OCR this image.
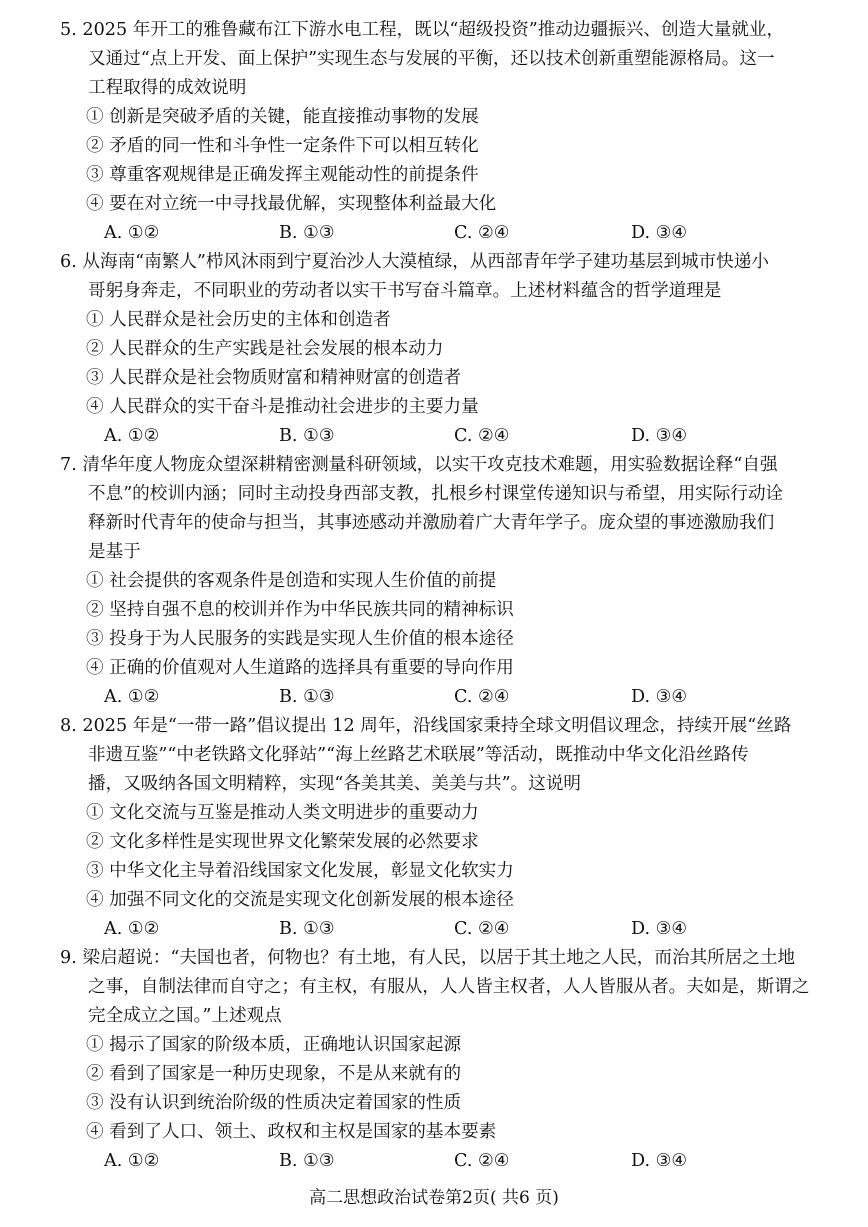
5. 2025 年开工的雅鲁藏布江下游水电工程，既以“超级投资”推动边疆振兴、创造大量就业，
又通过“点上开发、面上保护”实现生态与发展的平衡，还以技术创新重塑能源格局。这一
工程取得的成效说明
① 创新是突破矛盾的关键，能直接推动事物的发展
② 矛盾的同一性和斗争性一定条件下可以相互转化
③ 尊重客观规律是正确发挥主观能动性的前提条件
④ 要在对立统一中寻找最优解，实现整体利益最大化
A. ①②	B. ①③	C. ②④	D. ③④
6. 从海南“南繁人”栉风沐雨到宁夏治沙人大漠植绿，从西部青年学子建功基层到城市快递小
哥躬身奔走，不同职业的劳动者以实干书写奋斗篇章。上述材料蕴含的哲学道理是
① 人民群众是社会历史的主体和创造者
② 人民群众的生产实践是社会发展的根本动力
③ 人民群众是社会物质财富和精神财富的创造者
④ 人民群众的实干奋斗是推动社会进步的主要力量
A. ①②	B. ①③	C. ②④	D. ③④
7. 清华年度人物庞众望深耕精密测量科研领域，以实干攻克技术难题，用实验数据诠释“自强
不息”的校训内涵；同时主动投身西部支教，扎根乡村课堂传递知识与希望，用实际行动诠
释新时代青年的使命与担当，其事迹感动并激励着广大青年学子。庞众望的事迹激励我们
是基于
① 社会提供的客观条件是创造和实现人生价值的前提
② 坚持自强不息的校训并作为中华民族共同的精神标识
③ 投身于为人民服务的实践是实现人生价值的根本途径
④ 正确的价值观对人生道路的选择具有重要的导向作用
A. ①②	B. ①③	C. ②④	D. ③④
8. 2025 年是“一带一路”倡议提出 12 周年，沿线国家秉持全球文明倡议理念，持续开展“丝路
非遗互鉴”“中老铁路文化驿站”“海上丝路艺术联展”等活动，既推动中华文化沿丝路传
播，又吸纳各国文明精粹，实现“各美其美、美美与共”。这说明
① 文化交流与互鉴是推动人类文明进步的重要动力
② 文化多样性是实现世界文化繁荣发展的必然要求
③ 中华文化主导着沿线国家文化发展，彰显文化软实力
④ 加强不同文化的交流是实现文化创新发展的根本途径
A. ①②	B. ①③	C. ②④	D. ③④
9. 梁启超说：“夫国也者，何物也？有土地，有人民，以居于其土地之人民，而治其所居之土地
之事，自制法律而自守之；有主权，有服从，人人皆主权者，人人皆服从者。夫如是，斯谓之
完全成立之国。”上述观点
① 揭示了国家的阶级本质，正确地认识国家起源
② 看到了国家是一种历史现象，不是从来就有的
③ 没有认识到统治阶级的性质决定着国家的性质
④ 看到了人口、领土、政权和主权是国家的基本要素
A. ①②	B. ①③	C. ②④	D. ③④
高二思想政治试卷第2页( 共6 页)
